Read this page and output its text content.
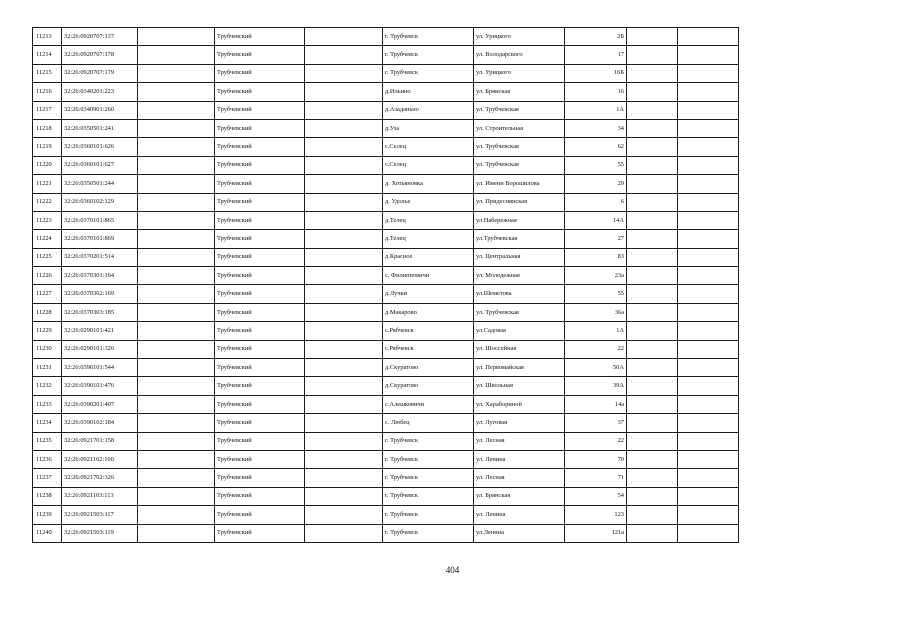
11213	32:26:0920707:137		Трубчевский		г. Трубчевск	ул. Урицкого	2Б		
11214	32:26:0920707:178		Трубчевский		г. Трубчевск	ул. Володарского	17		
11215	32:26:0920707:179		Трубчевский		г. Трубчевск	ул. Урицкого	16Б		
11216	32:26:0340201:223		Трубчевский		д.Ильино	ул. Брянская	16		
11217	32:26:0340901:260		Трубчевский		д.Азаданьно	ул. Трубчевская	1А		
11218	32:26:0350501:241		Трубчевский		д.Уза	ул. Строительная	34		
11219	32:26:0360101:626		Трубчевский		с.Селец	ул. Трубчевская	62		
11220	32:26:0360101:627		Трубчевский		с.Селец	ул. Трубчевская	55		
11221	32:26:0350501:244		Трубчевский		д. Хотьяновка	ул. Имени Ворошилова	29		
11222	32:26:0360102:129		Трубчевский		д. Удолье	ул. Придеснянская	6		
11223	32:26:0370101:865		Трубчевский		д.Телец	ул.Набережная	14А		
11224	32:26:0370101:869		Трубчевский		д.Телец	ул.Трубчевская	27		
11225	32:26:0370201:514		Трубчевский		д.Красное	ул. Центральная	83		
11226	32:26:0370301:164		Трубчевский		с. Филипповичи	ул. Молодежная	23а		
11227	32:26:0370302:169		Трубчевский		д.Лучки	ул.Шеметова	55		
11228	32:26:0370303:185		Трубчевский		д.Макарово	ул. Трубчевская	36а		
11229	32:26:0290101:421		Трубчевский		с.Рябчевск	ул.Садовая	1А		
11230	32:26:0290101:326		Трубчевский		с.Рябчевск	ул. Шоссейная	22		
11231	32:26:0390101:544		Трубчевский		д.Скуратово	ул. Первомайская	50А		
11232	32:26:0390101:476		Трубчевский		д.Скуратово	ул. Школьная	39А		
11233	32:26:0390201:407		Трубчевский		с.Алешковичи	ул. Харабориной	14а		
11234	32:26:0390102:184		Трубчевский		с. Любец	ул. Луговая	37		
11235	32:26:0921701:158		Трубчевский		г. Трубчевск	ул. Лесная	22		
11236	32:26:0921102:100		Трубчевский		г. Трубчевск	ул. Ленина	70		
11237	32:26:0921702:326		Трубчевский		г. Трубчевск	ул. Лесная	71		
11238	32:26:0921103:113		Трубчевский		г. Трубчевск	ул. Брянская	54		
11239	32:26:0921503:117		Трубчевский		г. Трубчевск	ул. Ленина	123		
11240	32:26:0921503:119		Трубчевский		г. Трубчевск	ул.Ленина	121а		
404
